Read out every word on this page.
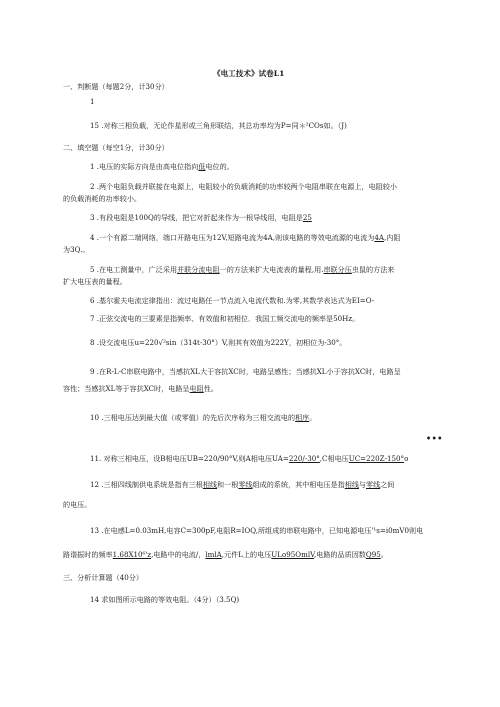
《电工技术》试卷L1
一、判断题（每题2分，计30分）
1
15 .对称三相负载，无论作星形或三角形联结，其总功率均为P=同＊²COs如。（J)
二、填空题（每空1分，计30分）
1 .电压的实际方向是由高电位指向低电位的。
2 .两个电阻负载并联接在电源上，电阻较小的负载消耗的功率较两个电阻串联在电源上，电阻较小
的负载消耗的功率较小。
3 .有段电阻是100Q的导线，把它对折起来作为一根导线用，电阻是25
4 .一个有源二端网络，端口开路电压为12V,短路电流为4A,则该电路的等效电流源的电流为4A,内阻
为3Q.。
5 .在电工测量中，广泛采用并联分流电阻一的方法来扩大电流表的量程,用.串联分压虫鼠的方法来
扩大电压表的量程。
6 .基尔霍夫电流定律指出：流过电路任一节点流入电流代数和.为零,其数学表达式为EI=O-
7 .正弦交流电的三要素是指频率、有效值和初相位．我国工频交流电的频率是50Hz。
8 .设交流电压u=220√²sin（314t-30°）V,则其有效值为222Y，初相位为-30°。
9 .在R-L-C串联电路中，当感抗XL大于容抗XC时，电路呈感性；当感抗XL小于容抗XC时，电路呈
容性；当感抗XL等于容抗XC时，电路呈电阻性。
10 .三相电压达到最大值（或零值）的先后次序称为三相交流电的相序。
•••
11. 对称三相电压，设B相电压UB=220/90°V,则A相电压UA=220/-30°,C相电压UC=220Z-150°o
12 .三相四线制供电系统是指有三根相线和一根零线组成的系统，其中相电压是指相线与零线之间
的电压。
13 .在电感L=0.03mH,电容C=300pF,电阻R=IOQ,所组成的串联电路中，已知电源电压'¹s=i0mV0则电
路谐振时的频率1.68X10⁶'z,电路中的电流/，lmlA,元件L上的电压ULo95OmlV,电路的品质因数Q95。
三、分析计算题（40分）
14 求如图所示电路的等效电阻。（4分）（3.5Q)
